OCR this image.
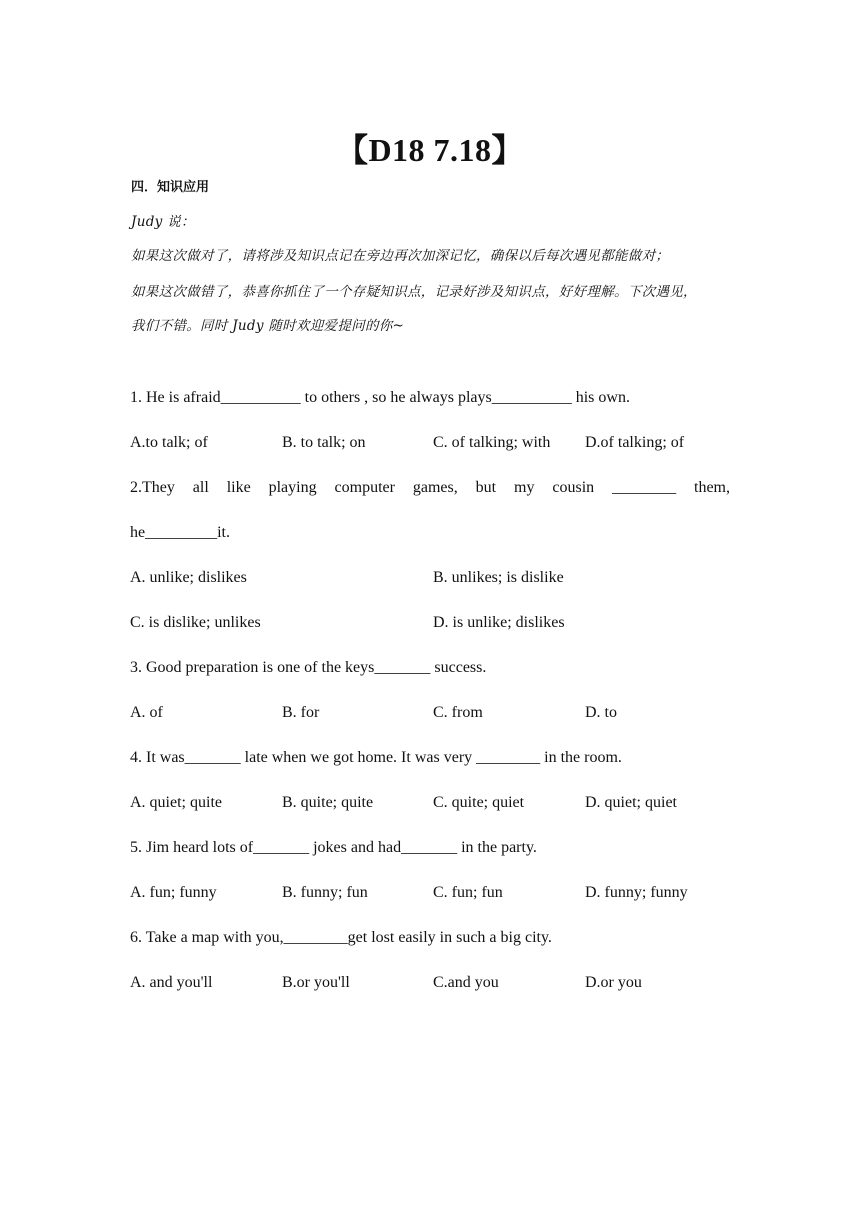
【D18 7.18】
四．知识应用
Judy 说：
如果这次做对了，请将涉及知识点记在旁边再次加深记忆，确保以后每次遇见都能做对；
如果这次做错了，恭喜你抓住了一个存疑知识点，记录好涉及知识点，好好理解。下次遇见，
我们不错。同时 Judy 随时欢迎爱提问的你~
1. He is afraid__________ to others , so he always plays__________ his own.
A.to talk; of	B. to talk; on	C. of talking; with D.of talking; of
2.They all like playing computer games, but my cousin ________ them,
he_________it.
A. unlike; dislikes	B. unlikes; is dislike
C. is dislike; unlikes	D. is unlike; dislikes
3. Good preparation is one of the keys_______ success.
A. of	B. for	C. from	D. to
4. It was_______ late when we got home. It was very ________ in the room.
A. quiet; quite	B. quite; quite	C. quite; quiet	D. quiet; quiet
5. Jim heard lots of_______ jokes and had_______ in the party.
A. fun; funny	B. funny; fun	C. fun; fun	D. funny; funny
6. Take a map with you,________get lost easily in such a big city.
A. and you'll	B.or you'll	C.and you	D.or you
